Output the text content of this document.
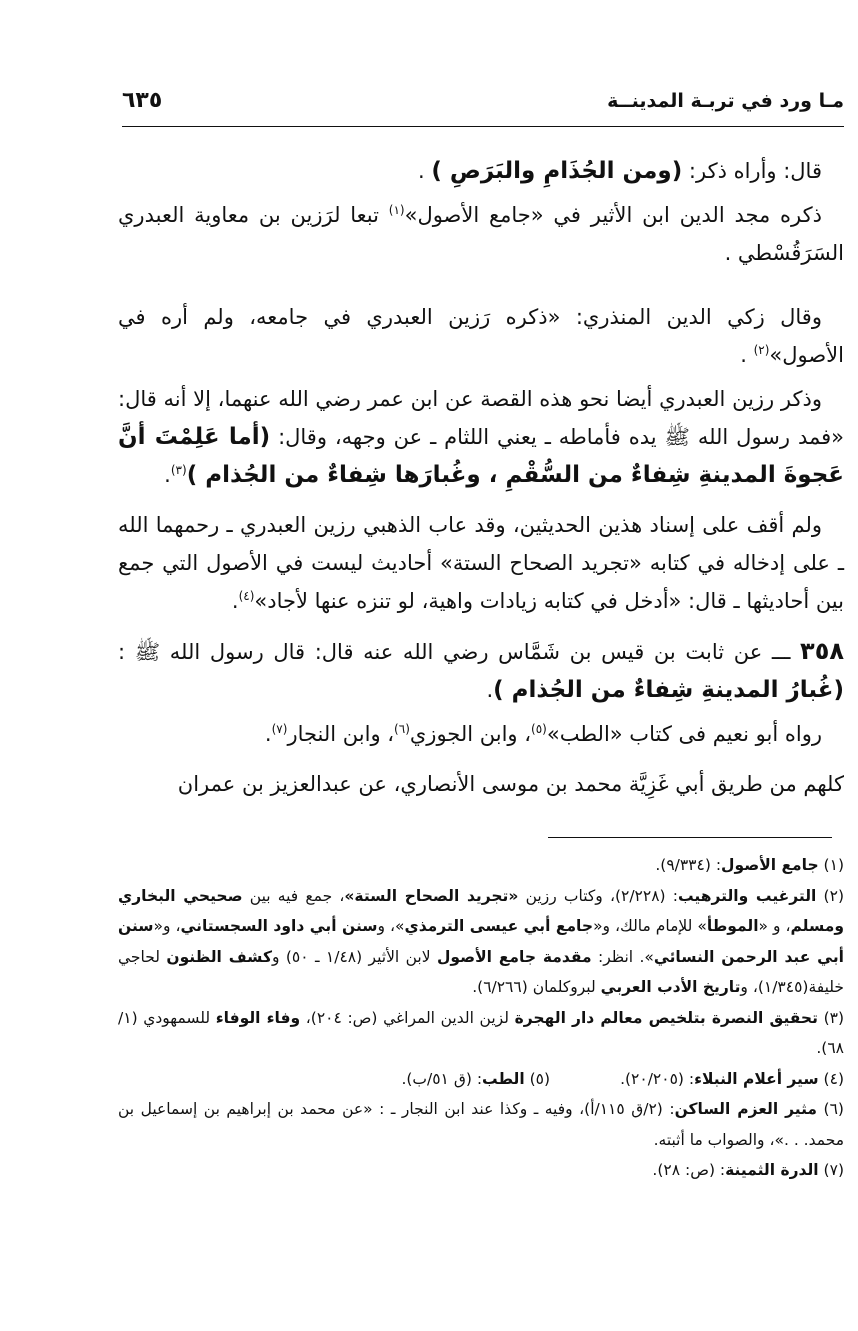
مـا ورد في تربـة المدينــة
٦٣٥

قال: وأراه ذكر: (ومن الجُذَامِ والبَرَصِ ) .

ذكره مجد الدين ابن الأثير في «جامع الأصول»$^{(١)}$ تبعا لرَزين بن معاوية العبدري السَرَقُسْطي .

وقال زكي الدين المنذري: «ذكره رَزين العبدري في جامعه، ولم أره في الأصول»$^{(٢)}$ .

وذكر رزين العبدري أيضا نحو هذه القصة عن ابن عمر رضي الله عنهما، إلا أنه قال: «فمد رسول الله ﷺ يده فأماطه ـ يعني اللثام ـ عن وجهه، وقال: (أما عَلِمْتَ أنَّ عَجوةَ المدينةِ شِفاءٌ من السُّقْمِ ، وغُبارَها شِفاءٌ من الجُذام )$^{(٣)}$.

ولم أقف على إسناد هذين الحديثين، وقد عاب الذهبي رزين العبدري ـ رحمهما الله ـ على إدخاله في كتابه «تجريد الصحاح الستة» أحاديث ليست في الأصول التي جمع بين أحاديثها ـ قال: «أدخل في كتابه زيادات واهية، لو تنزه عنها لأجاد»$^{(٤)}$.

٣٥٨ ـــ عن ثابت بن قيس بن شَمَّاس رضي الله عنه قال: قال رسول الله ﷺ : (غُبارُ المدينةِ شِفاءٌ من الجُذام ).

رواه أبو نعيم فى كتاب «الطب»$^{(٥)}$، وابن الجوزي$^{(٦)}$، وابن النجار$^{(٧)}$.

كلهم من طريق أبي غَزِيَّة محمد بن موسى الأنصاري، عن عبدالعزيز بن عمران

(١) جامع الأصول: (٩/٣٣٤).

(٢) الترغيب والترهيب: (٢/٢٢٨)، وكتاب رزين «تجريد الصحاح الستة»، جمع فيه بين صحيحي البخاري ومسلم، و «الموطأ» للإمام مالك، و«جامع أبي عيسى الترمذي»، وسنن أبي داود السجستاني، و«سنن أبي عبد الرحمن النسائي». انظر: مقدمة جامع الأصول لابن الأثير (١/٤٨ ـ ٥٠) وكشف الظنون لحاجي خليفة(١/٣٤٥)، وتاريخ الأدب العربي لبروكلمان (٦/٢٦٦).

(٣) تحقيق النصرة بتلخيص معالم دار الهجرة لزين الدين المراغي (ص: ٢٠٤)، وفاء الوفاء للسمهودي (١/ ٦٨).

(٤) سير أعلام النبلاء: (٢٠/٢٠٥).

(٥) الطب: (ق ٥١/ب).

(٦) مثير العزم الساكن: (٢/ق ١١٥/أ)، وفيه ـ وكذا عند ابن النجار ـ : «عن محمد بن إبراهيم بن إسماعيل بن محمد. . .»، والصواب ما أثبته.

(٧) الدرة الثمينة: (ص: ٢٨).
